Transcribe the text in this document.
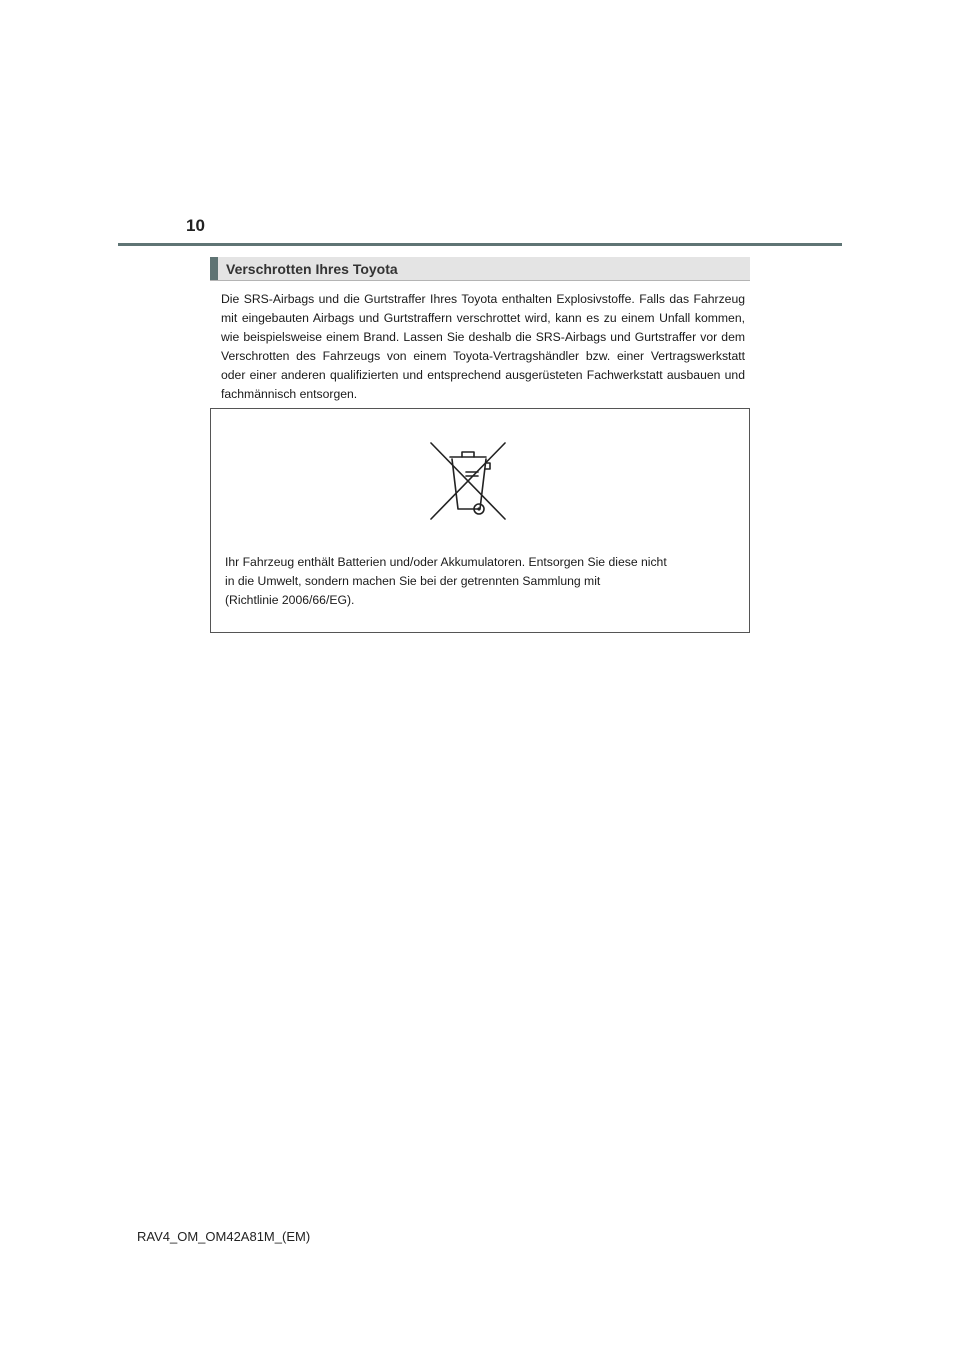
10
Verschrotten Ihres Toyota
Die SRS-Airbags und die Gurtstraffer Ihres Toyota enthalten Explosivstoffe. Falls das Fahrzeug mit eingebauten Airbags und Gurtstraffern verschrottet wird, kann es zu einem Unfall kommen, wie beispielsweise einem Brand. Lassen Sie deshalb die SRS-Airbags und Gurtstraffer vor dem Verschrotten des Fahrzeugs von einem Toyota-Vertragshändler bzw. einer Vertragswerkstatt oder einer anderen qualifizierten und entsprechend ausgerüsteten Fachwerkstatt ausbauen und fachmännisch entsorgen.
Ihr Fahrzeug enthält Batterien und/oder Akkumulatoren. Entsorgen Sie diese nicht
in die Umwelt, sondern machen Sie bei der getrennten Sammlung mit
(Richtlinie 2006/66/EG).
RAV4_OM_OM42A81M_(EM)
